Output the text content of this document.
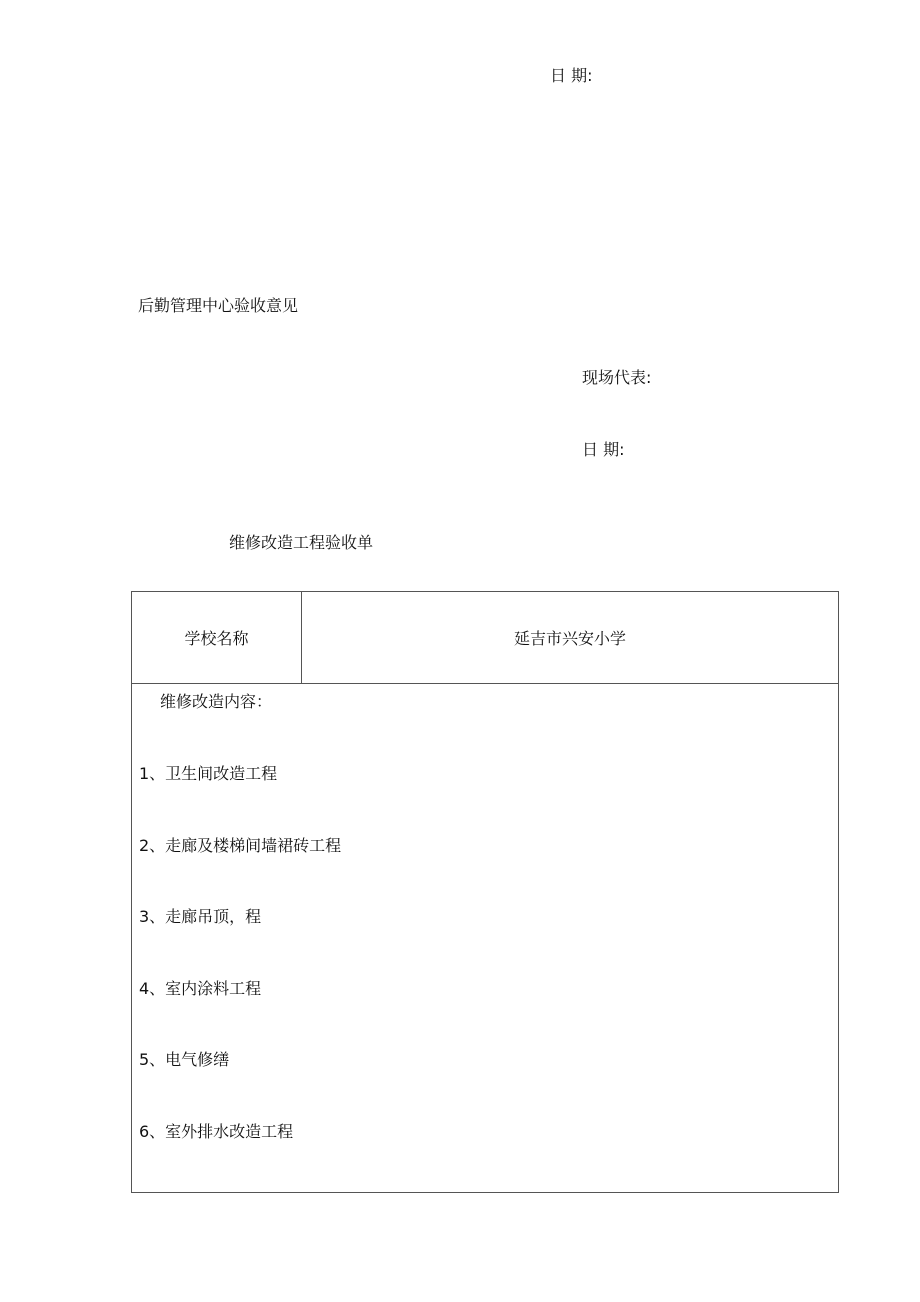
日 期:
后勤管理中心验收意见
现场代表:
日 期:
维修改造工程验收单
学校名称	延吉市兴安小学
维修改造内容：
1、卫生间改造工程
2、走廊及楼梯间墙裙砖工程
3、走廊吊顶，程
4、室内涂料工程
5、电气修缮
6、室外排水改造工程
